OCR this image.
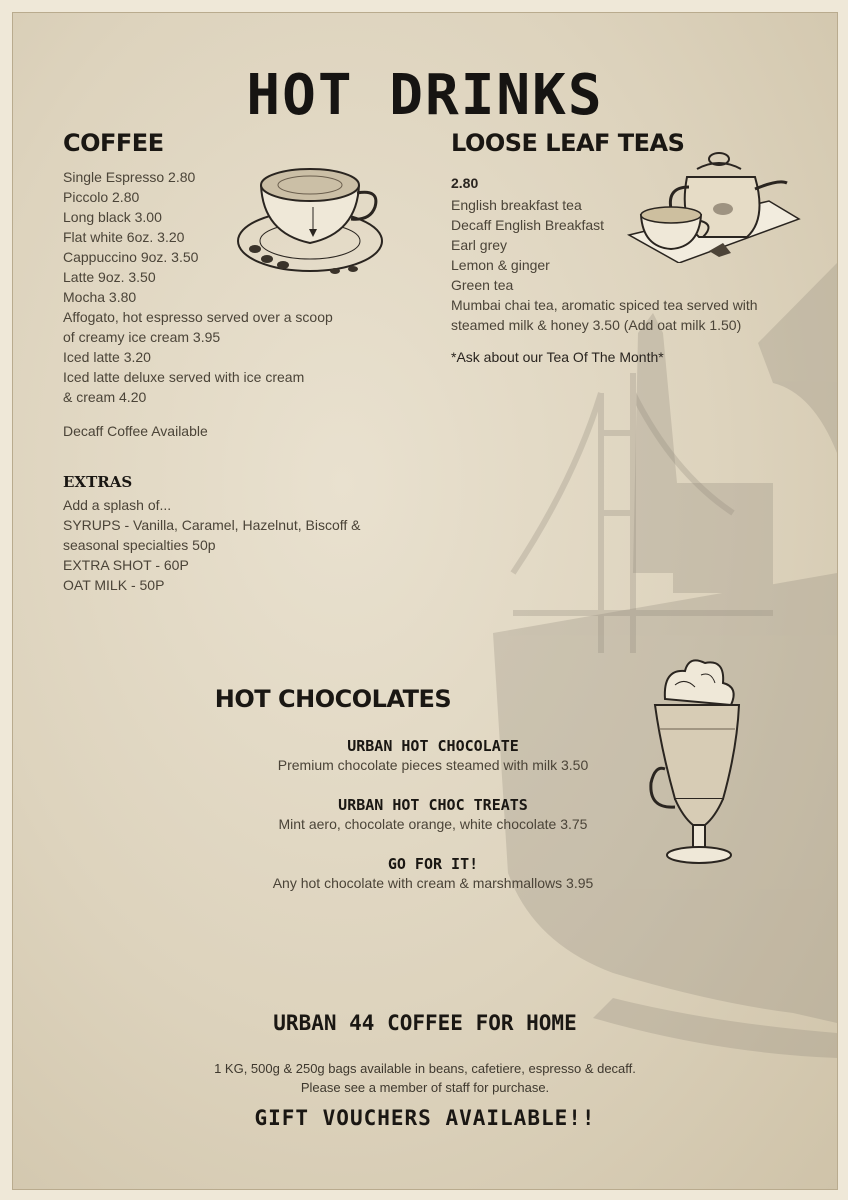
HOT DRINKS
COFFEE
Single Espresso 2.80
Piccolo 2.80
Long black 3.00
Flat white 6oz. 3.20
Cappuccino 9oz. 3.50
Latte 9oz. 3.50
Mocha 3.80
Affogato, hot espresso served over a scoop
of creamy ice cream 3.95
Iced latte 3.20
Iced latte deluxe served with ice cream
& cream 4.20
Decaff Coffee Available
EXTRAS
Add a splash of...
SYRUPS - Vanilla, Caramel, Hazelnut, Biscoff &
seasonal specialties 50p
EXTRA SHOT - 60P
OAT MILK - 50P
LOOSE LEAF TEAS
2.80
English breakfast tea
Decaff English Breakfast
Earl grey
Lemon & ginger
Green tea
Mumbai chai tea, aromatic spiced tea served with
steamed milk & honey 3.50 (Add oat milk 1.50)
*Ask about our Tea Of The Month*
HOT CHOCOLATES
URBAN HOT CHOCOLATE
Premium chocolate pieces steamed with milk 3.50
URBAN HOT CHOC TREATS
Mint aero, chocolate orange, white chocolate 3.75
GO FOR IT!
Any hot chocolate with cream & marshmallows 3.95
URBAN 44 COFFEE FOR HOME
1 KG, 500g & 250g bags available in beans, cafetiere, espresso & decaff.
Please see a member of staff for purchase.
GIFT VOUCHERS AVAILABLE!!
